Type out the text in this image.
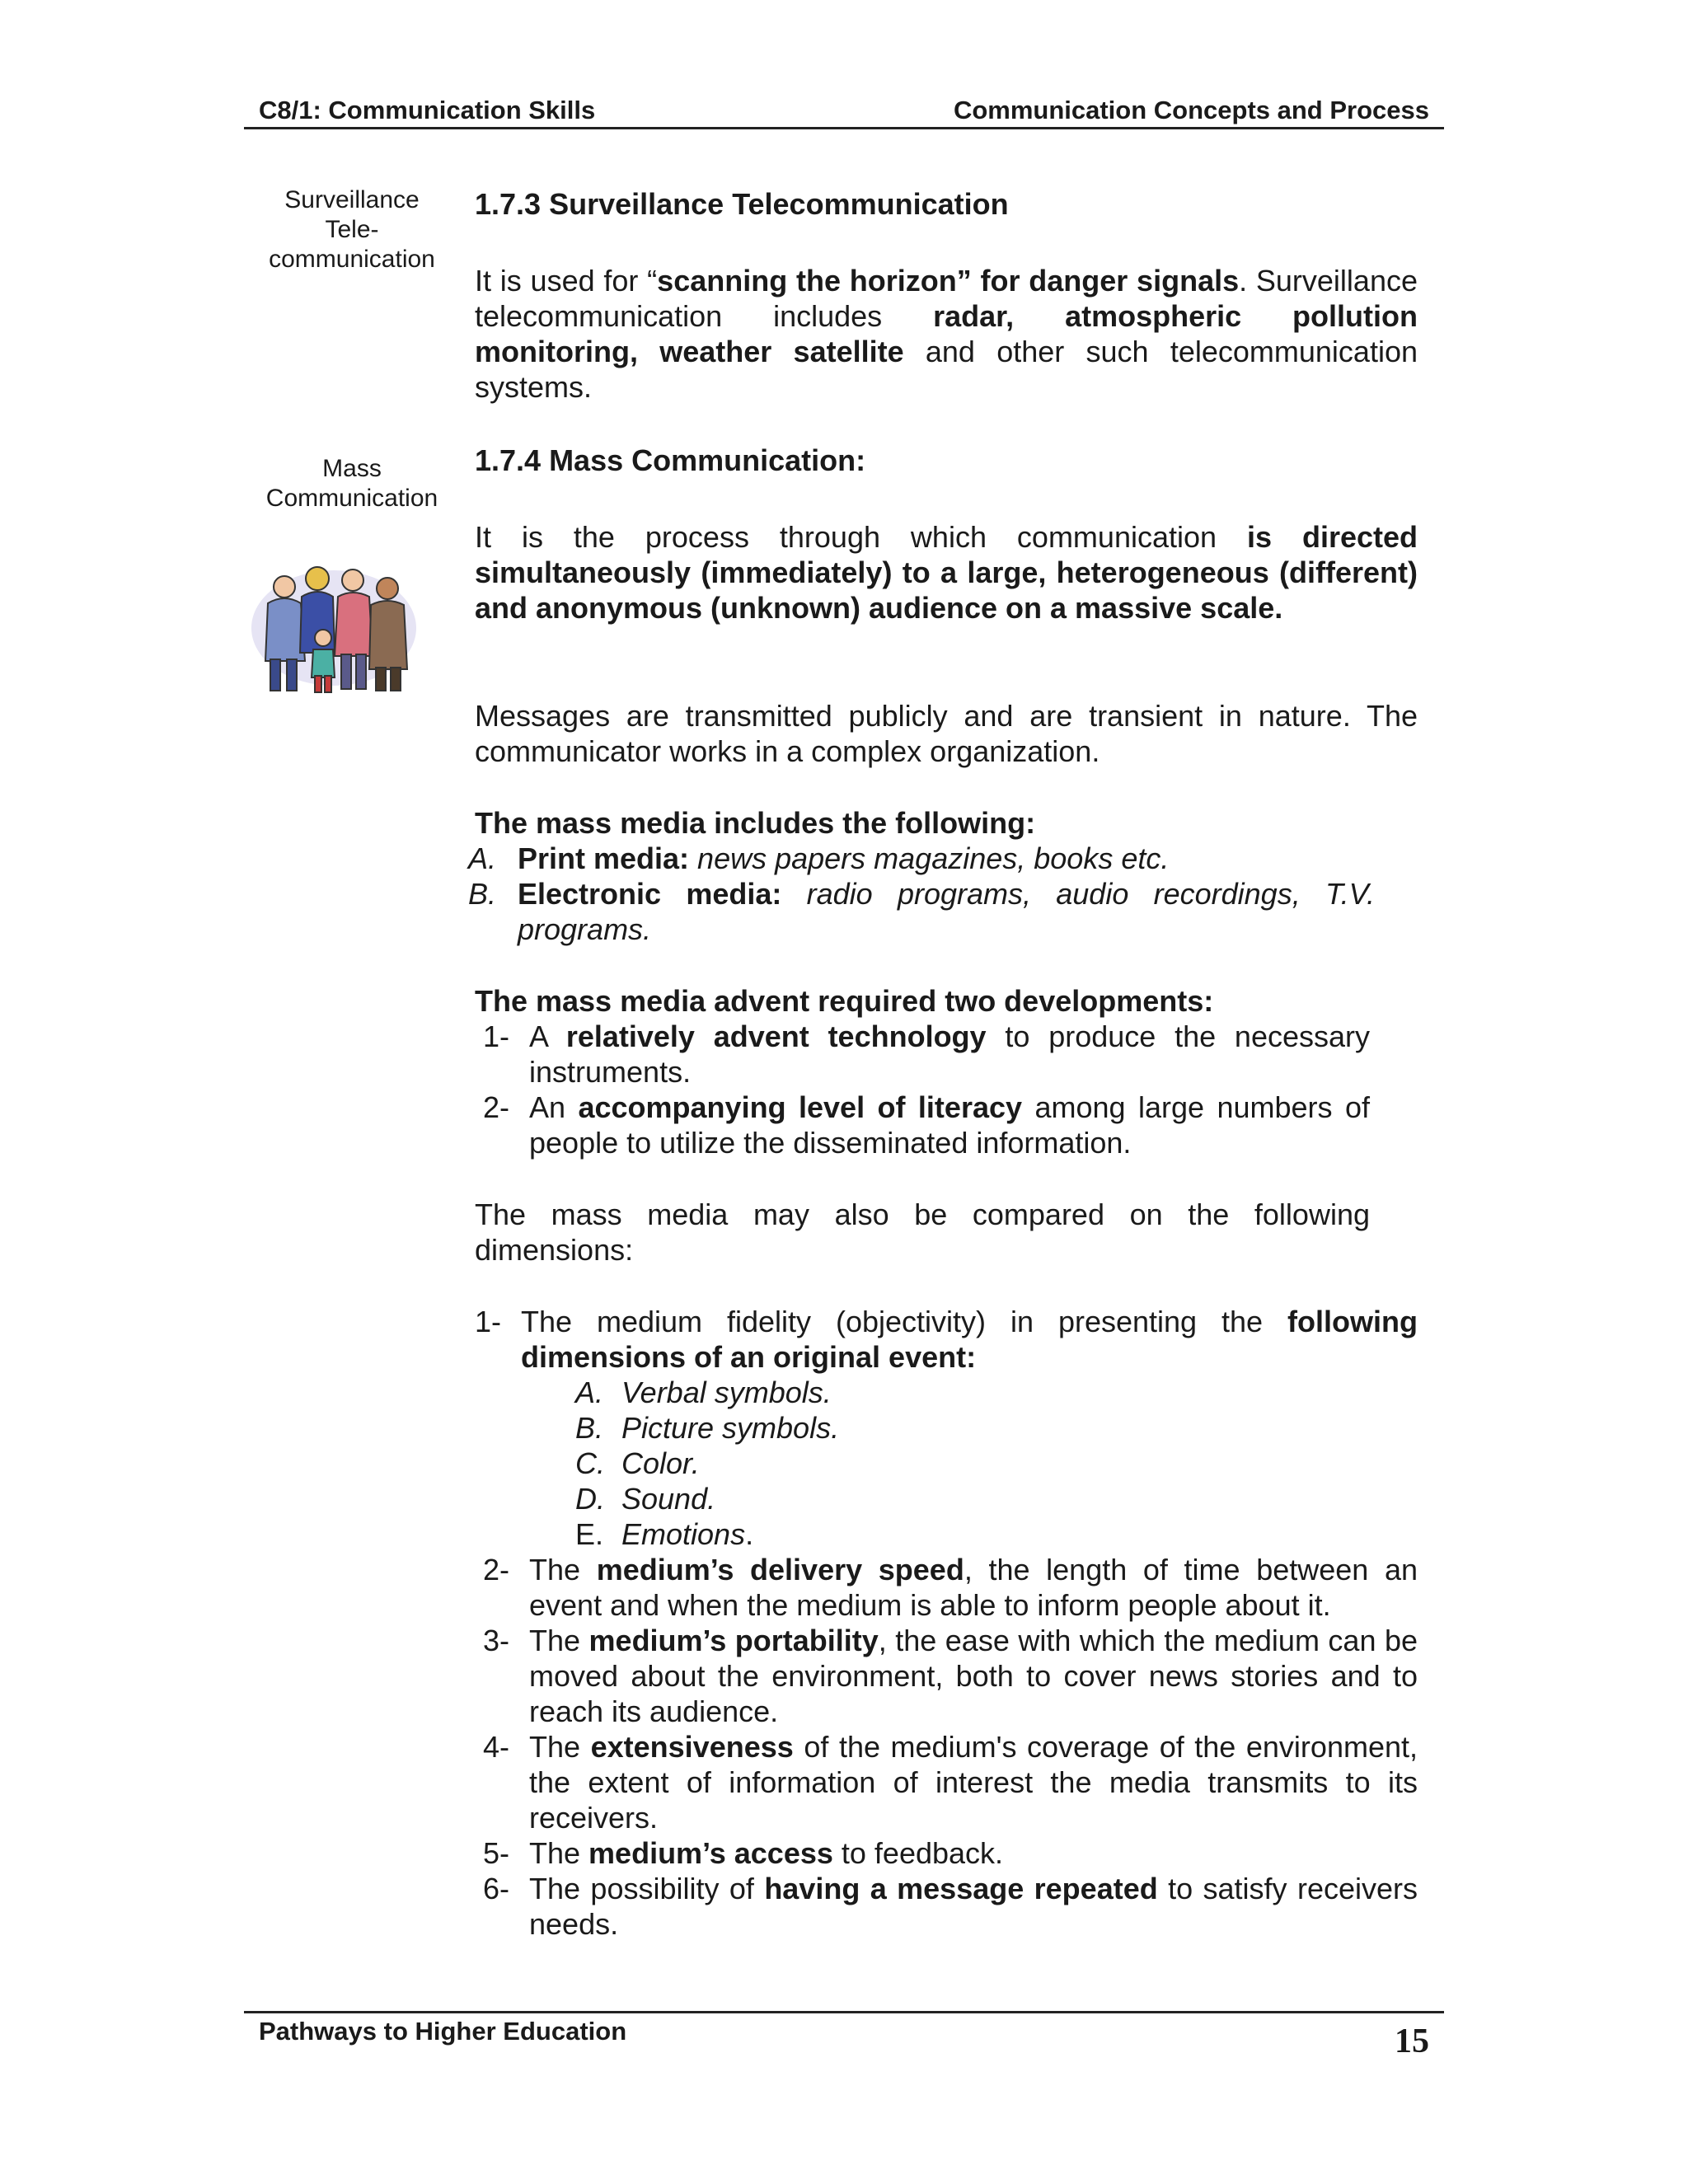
C8/1: Communication Skills	Communication Concepts and Process
Surveillance
Tele-
communication
Mass
Communication
1.7.3 Surveillance Telecommunication

It is used for “scanning the horizon” for danger signals. Surveillance telecommunication includes radar, atmospheric pollution monitoring, weather satellite and other such telecommunication systems.

1.7.4 Mass Communication:

It is the process through which communication is directed simultaneously (immediately) to a large, heterogeneous (different) and anonymous (unknown) audience on a massive scale.

Messages are transmitted publicly and are transient in nature. The communicator works in a complex organization.
The mass media includes the following:
A. Print media: news papers magazines, books etc.
B. Electronic media: radio programs, audio recordings, T.V. programs.
The mass media advent required two developments:
1- A relatively advent technology to produce the necessary instruments.
2- An accompanying level of literacy among large numbers of people to utilize the disseminated information.
The mass media may also be compared on the following dimensions:
1- The medium fidelity (objectivity) in presenting the following dimensions of an original event:
A. Verbal symbols.
B. Picture symbols.
C. Color.
D. Sound.
E. Emotions.
2- The medium’s delivery speed, the length of time between an event and when the medium is able to inform people about it.
3- The medium’s portability, the ease with which the medium can be moved about the environment, both to cover news stories and to reach its audience.
4- The extensiveness of the medium's coverage of the environment, the extent of information of interest the media transmits to its receivers.
5- The medium’s access to feedback.
6- The possibility of having a message repeated to satisfy receivers needs.
Pathways to Higher Education	15
